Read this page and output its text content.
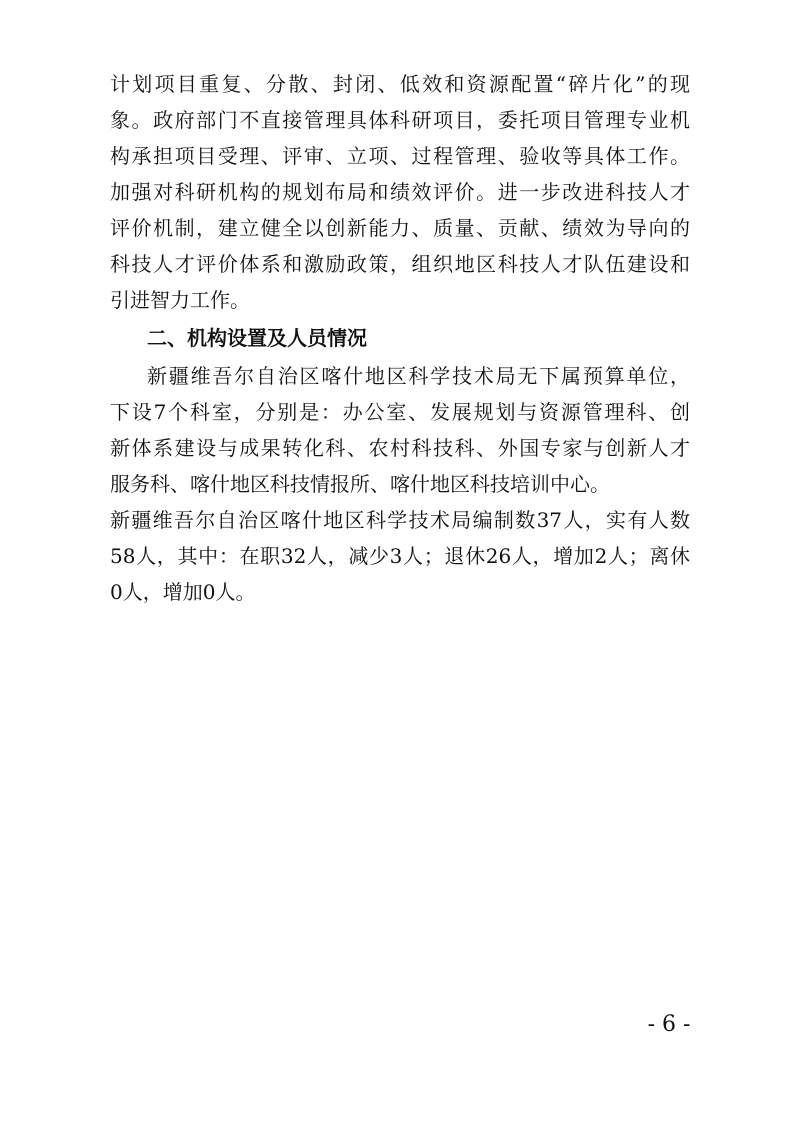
计划项目重复、分散、封闭、低效和资源配置“碎片化”的现
象。政府部门不直接管理具体科研项目，委托项目管理专业机
构承担项目受理、评审、立项、过程管理、验收等具体工作。
加强对科研机构的规划布局和绩效评价。进一步改进科技人才
评价机制，建立健全以创新能力、质量、贡献、绩效为导向的
科技人才评价体系和激励政策，组织地区科技人才队伍建设和
引进智力工作。
二、机构设置及人员情况
新疆维吾尔自治区喀什地区科学技术局无下属预算单位，
下设7个科室，分别是：办公室、发展规划与资源管理科、创
新体系建设与成果转化科、农村科技科、外国专家与创新人才
服务科、喀什地区科技情报所、喀什地区科技培训中心。
新疆维吾尔自治区喀什地区科学技术局编制数37人，实有人数
58人，其中：在职32人，减少3人；退休26人，增加2人；离休
0人，增加0人。
- 6 -
